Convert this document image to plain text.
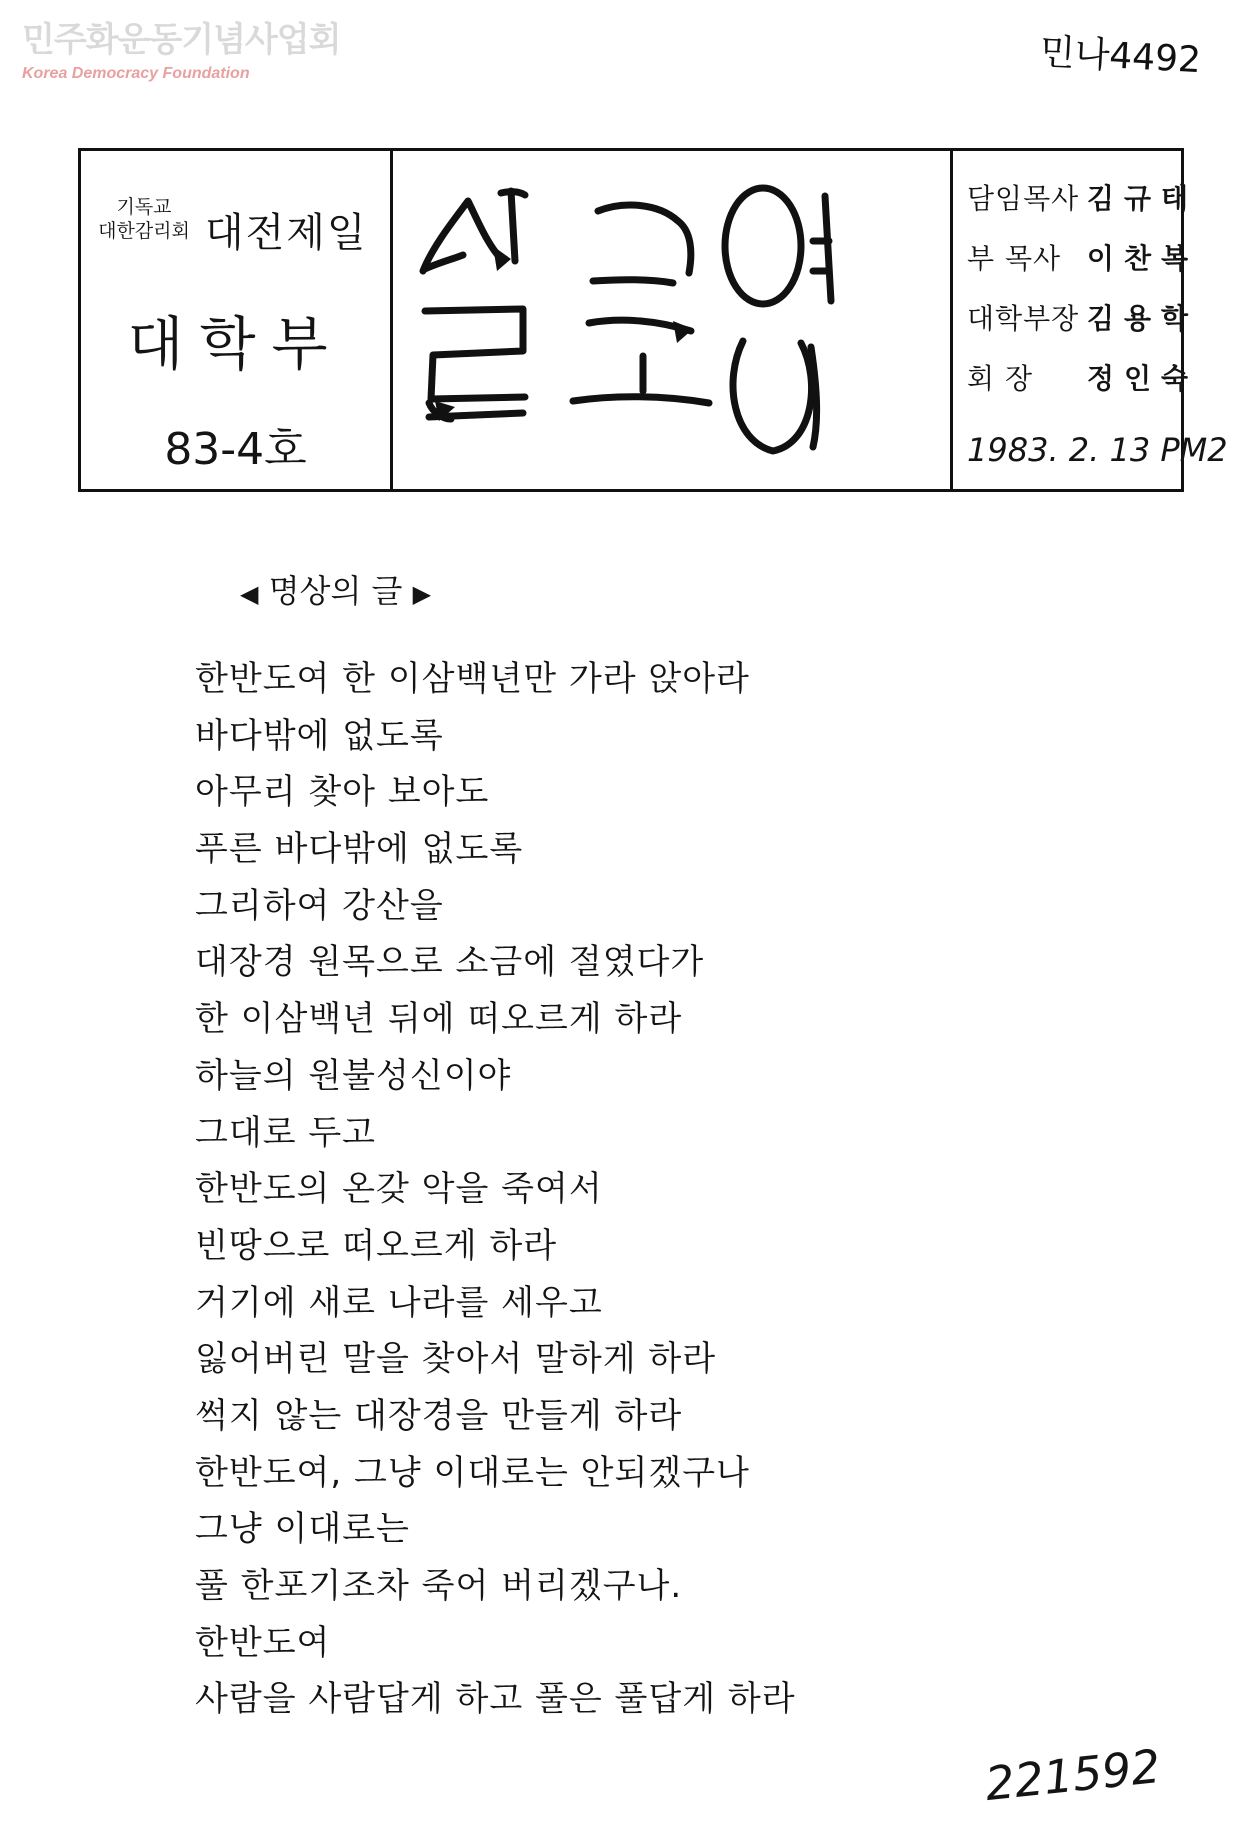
민주화운동기념사업회
Korea Democracy Foundation	민나4492
기독교
대한감리회 대전제일
대학부
83-4호
담임목사 김규태
부 목사 이찬복
대학부장 김용학
회 장 정인숙
1983. 2. 13 PM2
◀ 명상의 글 ▶
한반도여 한 이삼백년만 가라 앉아라
바다밖에 없도록
아무리 찾아 보아도
푸른 바다밖에 없도록
그리하여 강산을
대장경 원목으로 소금에 절였다가
한 이삼백년 뒤에 떠오르게 하라
하늘의 원불성신이야
그대로 두고
한반도의 온갖 악을 죽여서
빈땅으로 떠오르게 하라
거기에 새로 나라를 세우고
잃어버린 말을 찾아서 말하게 하라
썩지 않는 대장경을 만들게 하라
한반도여, 그냥 이대로는 안되겠구나
그냥 이대로는
풀 한포기조차 죽어 버리겠구나.
한반도여
사람을 사람답게 하고 풀은 풀답게 하라
221592
